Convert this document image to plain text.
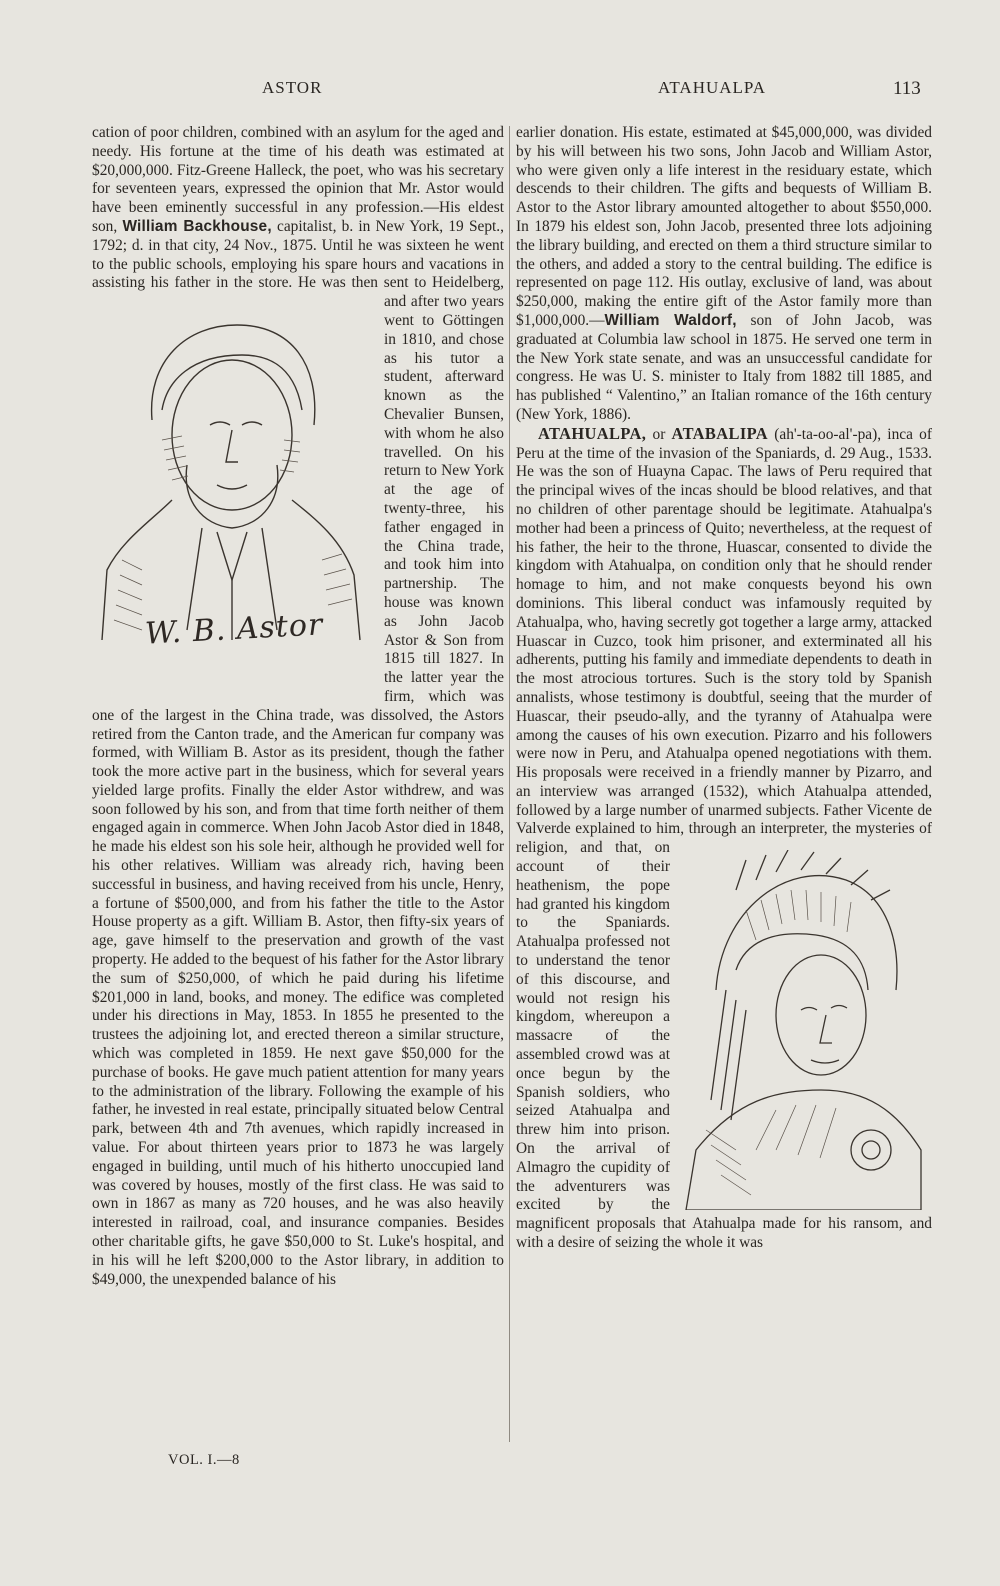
ASTOR	ATAHUALPA	113
cation of poor children, combined with an asylum for the aged and needy. His fortune at the time of his death was estimated at $20,000,000. Fitz-Greene Halleck, the poet, who was his secretary for seventeen years, expressed the opinion that Mr. Astor would have been eminently successful in any profession.—His eldest son, William Backhouse, capitalist, b. in New York, 19 Sept., 1792; d. in that city, 24 Nov., 1875. Until he was sixteen he went to the public schools, employing his spare hours and vacations in assisting his father in the store. He was then sent to Heidelberg, and after two years went to Göttingen in 1810, and chose as his tutor a student, afterward known as the Chevalier Bunsen, with whom he also travelled. On his return to New York at the age of twenty-three, his father engaged in the China trade, and took him into partnership. The house was known as John Jacob Astor & Son from 1815 till 1827. In the latter year the firm, which was one of the largest in the China trade, was dissolved, the Astors retired from the Canton trade, and the American fur company was formed, with William B. Astor as its president, though the father took the more active part in the business, which for several years yielded large profits. Finally the elder Astor withdrew, and was soon followed by his son, and from that time forth neither of them engaged again in commerce. When John Jacob Astor died in 1848, he made his eldest son his sole heir, although he provided well for his other relatives. William was already rich, having been successful in business, and having received from his uncle, Henry, a fortune of $500,000, and from his father the title to the Astor House property as a gift. William B. Astor, then fifty-six years of age, gave himself to the preservation and growth of the vast property. He added to the bequest of his father for the Astor library the sum of $250,000, of which he paid during his lifetime $201,000 in land, books, and money. The edifice was completed under his directions in May, 1853. In 1855 he presented to the trustees the adjoining lot, and erected thereon a similar structure, which was completed in 1859. He next gave $50,000 for the purchase of books. He gave much patient attention for many years to the administration of the library. Following the example of his father, he invested in real estate, principally situated below Central park, between 4th and 7th avenues, which rapidly increased in value. For about thirteen years prior to 1873 he was largely engaged in building, until much of his hitherto unoccupied land was covered by houses, mostly of the first class. He was said to own in 1867 as many as 720 houses, and he was also heavily interested in railroad, coal, and insurance companies. Besides other charitable gifts, he gave $50,000 to St. Luke's hospital, and in his will he left $200,000 to the Astor library, in addition to $49,000, the unexpended balance of his
earlier donation. His estate, estimated at $45,000,000, was divided by his will between his two sons, John Jacob and William Astor, who were given only a life interest in the residuary estate, which descends to their children. The gifts and bequests of William B. Astor to the Astor library amounted altogether to about $550,000. In 1879 his eldest son, John Jacob, presented three lots adjoining the library building, and erected on them a third structure similar to the others, and added a story to the central building. The edifice is represented on page 112. His outlay, exclusive of land, was about $250,000, making the entire gift of the Astor family more than $1,000,000.—William Waldorf, son of John Jacob, was graduated at Columbia law school in 1875. He served one term in the New York state senate, and was an unsuccessful candidate for congress. He was U. S. minister to Italy from 1882 till 1885, and has published “ Valentino,” an Italian romance of the 16th century (New York, 1886).
ATAHUALPA, or ATABALIPA (ah'-ta-oo-al'-pa), inca of Peru at the time of the invasion of the Spaniards, d. 29 Aug., 1533. He was the son of Huayna Capac. The laws of Peru required that the principal wives of the incas should be blood relatives, and that no children of other parentage should be legitimate. Atahualpa's mother had been a princess of Quito; nevertheless, at the request of his father, the heir to the throne, Huascar, consented to divide the kingdom with Atahualpa, on condition only that he should render homage to him, and not make conquests beyond his own dominions. This liberal conduct was infamously requited by Atahualpa, who, having secretly got together a large army, attacked Huascar in Cuzco, took him prisoner, and exterminated all his adherents, putting his family and immediate dependents to death in the most atrocious tortures. Such is the story told by Spanish annalists, whose testimony is doubtful, seeing that the murder of Huascar, their pseudo-ally, and the tyranny of Atahualpa were among the causes of his own execution. Pizarro and his followers were now in Peru, and Atahualpa opened negotiations with them. His proposals were received in a friendly manner by Pizarro, and an interview was arranged (1532), which Atahualpa attended, followed by a large number of unarmed subjects. Father Vicente de Valverde explained to him, through an interpreter, the mysteries of religion, and that, on account of their heathenism, the pope had granted his kingdom to the Spaniards. Atahualpa professed not to understand the tenor of this discourse, and would not resign his kingdom, whereupon a massacre of the assembled crowd was at once begun by the Spanish soldiers, who seized Atahualpa and threw him into prison. On the arrival of Almagro the cupidity of the adventurers was excited by the magnificent proposals that Atahualpa made for his ransom, and with a desire of seizing the whole it was
W. B. Astor
VOL. I.—8
